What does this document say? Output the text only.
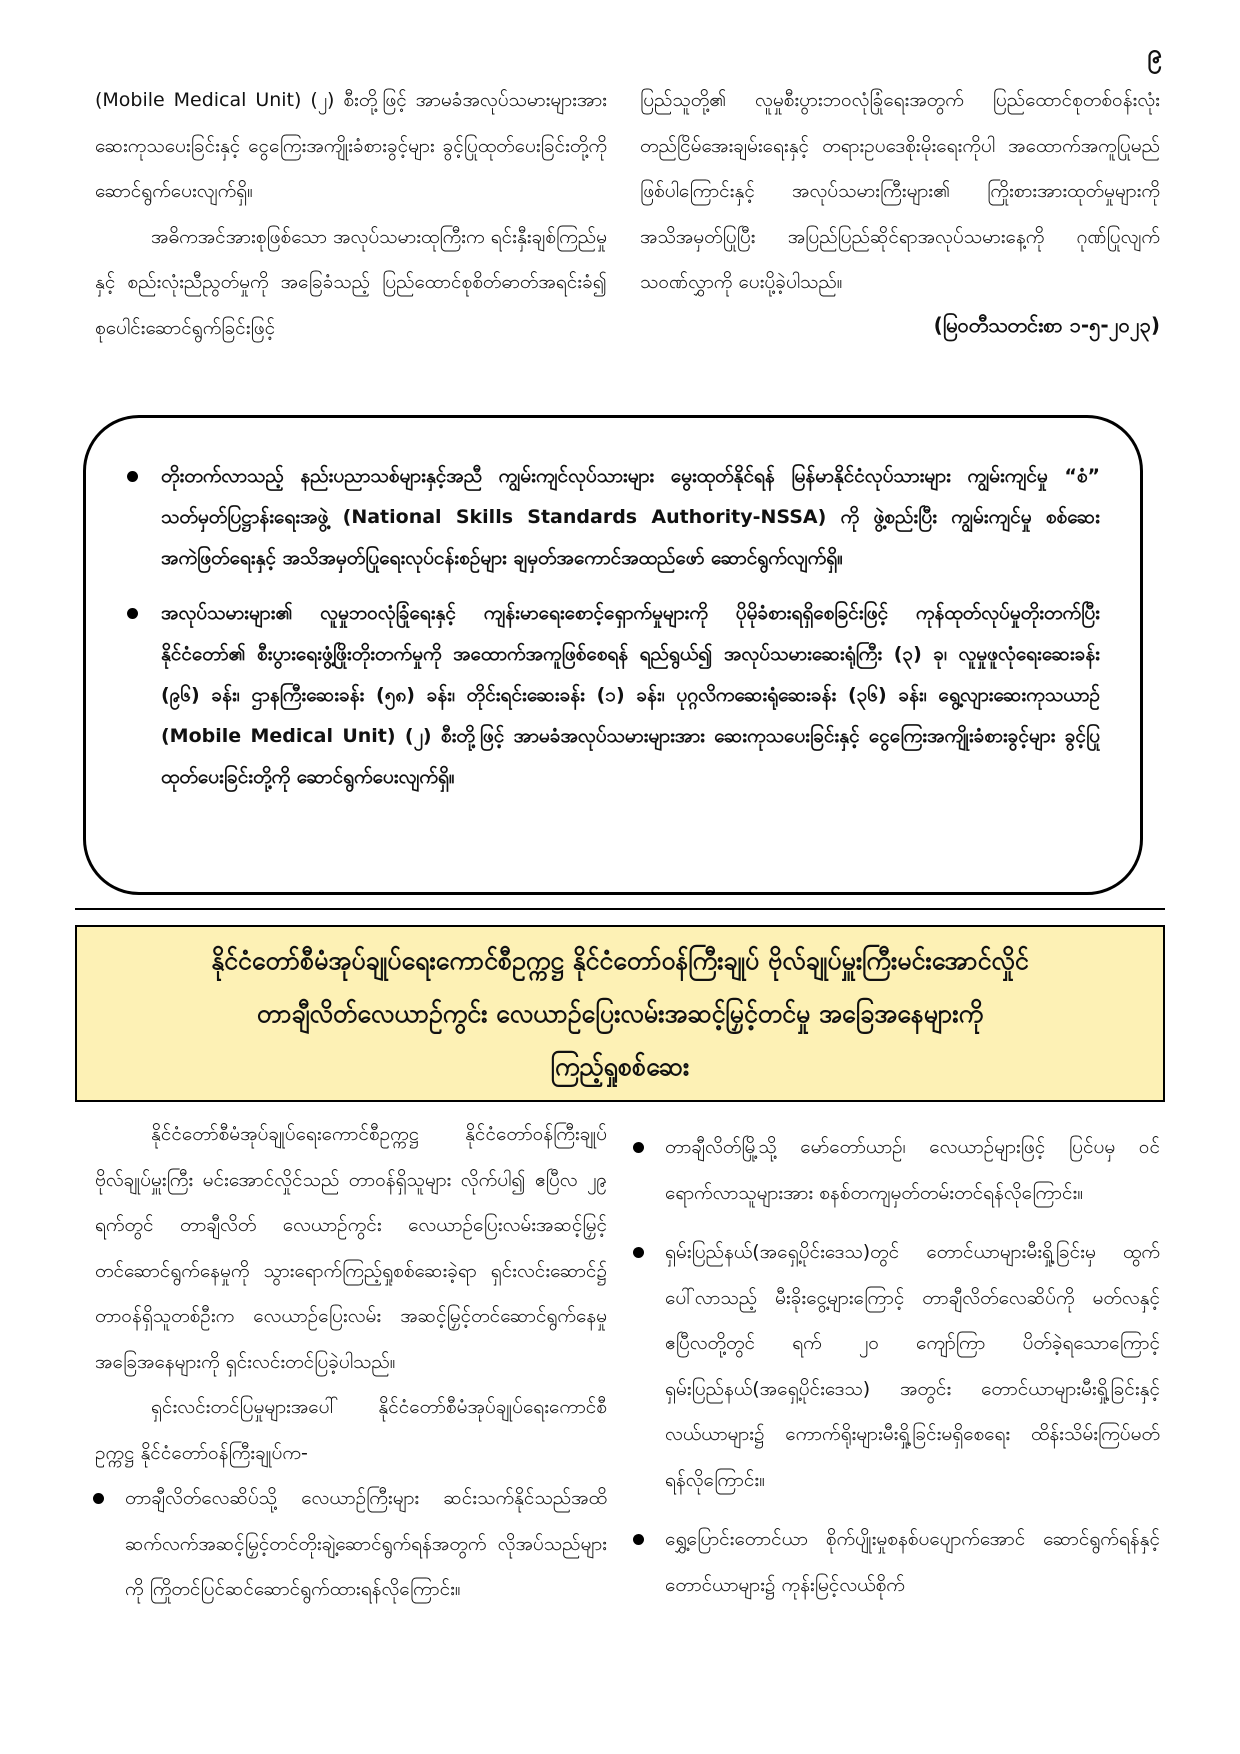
၉

(Mobile Medical Unit) (၂) စီးတို့ဖြင့် အာမခံအလုပ်သမားများအား ဆေးကုသပေးခြင်းနှင့် ငွေကြေးအကျိုးခံစားခွင့်များ ခွင့်ပြုထုတ်ပေးခြင်းတို့ကို ဆောင်ရွက်ပေးလျက်ရှိ။

အဓိကအင်အားစုဖြစ်သော အလုပ်သမားထုကြီးက ရင်းနှီးချစ်ကြည်မှုနှင့် စည်းလုံးညီညွတ်မှုကို အခြေခံသည့် ပြည်ထောင်စုစိတ်ဓာတ်အရင်းခံ၍ စုပေါင်းဆောင်ရွက်ခြင်းဖြင့်

ပြည်သူတို့၏ လူမှုစီးပွားဘဝလုံခြုံရေးအတွက် ပြည်ထောင်စုတစ်ဝန်းလုံး တည်ငြိမ်အေးချမ်းရေးနှင့် တရားဥပဒေစိုးမိုးရေးကိုပါ အထောက်အကူပြုမည်ဖြစ်ပါကြောင်းနှင့် အလုပ်သမားကြီးများ၏ ကြိုးစားအားထုတ်မှုများကို အသိအမှတ်ပြုပြီး အပြည်ပြည်ဆိုင်ရာအလုပ်သမားနေ့ကို ဂုဏ်ပြုလျက် သဝဏ်လွှာကို ပေးပို့ခဲ့ပါသည်။

(မြဝတီသတင်းစာ ၁-၅-၂၀၂၃)

တိုးတက်လာသည့် နည်းပညာသစ်များနှင့်အညီ ကျွမ်းကျင်လုပ်သားများ မွေးထုတ်နိုင်ရန် မြန်မာနိုင်ငံလုပ်သားများ ကျွမ်းကျင်မှု “စံ” သတ်မှတ်ပြဋ္ဌာန်းရေးအဖွဲ့ (National Skills Standards Authority-NSSA) ကို ဖွဲ့စည်းပြီး ကျွမ်းကျင်မှု စစ်ဆေးအကဲဖြတ်ရေးနှင့် အသိအမှတ်ပြုရေးလုပ်ငန်းစဉ်များ ချမှတ်အကောင်အထည်ဖော် ဆောင်ရွက်လျက်ရှိ။
အလုပ်သမားများ၏ လူမှုဘဝလုံခြုံရေးနှင့် ကျန်းမာရေးစောင့်ရှောက်မှုများကို ပိုမိုခံစားရရှိစေခြင်းဖြင့် ကုန်ထုတ်လုပ်မှုတိုးတက်ပြီး နိုင်ငံတော်၏ စီးပွားရေးဖွံ့ဖြိုးတိုးတက်မှုကို အထောက်အကူဖြစ်စေရန် ရည်ရွယ်၍ အလုပ်သမားဆေးရုံကြီး (၃) ခု၊ လူမှုဖူလုံရေးဆေးခန်း (၉၆) ခန်း၊ ဌာနကြီးဆေးခန်း (၅၈) ခန်း၊ တိုင်းရင်းဆေးခန်း (၁) ခန်း၊ ပုဂ္ဂလိကဆေးရုံဆေးခန်း (၃၆) ခန်း၊ ရွေ့လျားဆေးကုသယာဉ် (Mobile Medical Unit) (၂) စီးတို့ဖြင့် အာမခံအလုပ်သမားများအား ဆေးကုသပေးခြင်းနှင့် ငွေကြေးအကျိုးခံစားခွင့်များ ခွင့်ပြုထုတ်ပေးခြင်းတို့ကို ဆောင်ရွက်ပေးလျက်ရှိ။

နိုင်ငံတော်စီမံအုပ်ချုပ်ရေးကောင်စီဥက္ကဋ္ဌ နိုင်ငံတော်ဝန်ကြီးချုပ် ဗိုလ်ချုပ်မှူးကြီးမင်းအောင်လှိုင်
တာချီလိတ်လေယာဉ်ကွင်း လေယာဉ်ပြေးလမ်းအဆင့်မြှင့်တင်မှု အခြေအနေများကို
ကြည့်ရှုစစ်ဆေး

နိုင်ငံတော်စီမံအုပ်ချုပ်ရေးကောင်စီဥက္ကဋ္ဌ နိုင်ငံတော်ဝန်ကြီးချုပ် ဗိုလ်ချုပ်မှူးကြီး မင်းအောင်လှိုင်သည် တာဝန်ရှိသူများ လိုက်ပါ၍ ဧပြီလ ၂၉ ရက်တွင် တာချီလိတ် လေယာဉ်ကွင်း လေယာဉ်ပြေးလမ်းအဆင့်မြှင့်တင်ဆောင်ရွက်နေမှုကို သွားရောက်ကြည့်ရှုစစ်ဆေးခဲ့ရာ ရှင်းလင်းဆောင်၌ တာဝန်ရှိသူတစ်ဦးက လေယာဉ်ပြေးလမ်း အဆင့်မြှင့်တင်ဆောင်ရွက်နေမှုအခြေအနေများကို ရှင်းလင်းတင်ပြခဲ့ပါသည်။

ရှင်းလင်းတင်ပြမှုများအပေါ် နိုင်ငံတော်စီမံအုပ်ချုပ်ရေးကောင်စီဥက္ကဋ္ဌ နိုင်ငံတော်ဝန်ကြီးချုပ်က-

တာချီလိတ်လေဆိပ်သို့ လေယာဉ်ကြီးများ ဆင်းသက်နိုင်သည်အထိ ဆက်လက်အဆင့်မြှင့်တင်တိုးချဲ့ဆောင်ရွက်ရန်အတွက် လိုအပ်သည်များကို ကြိုတင်ပြင်ဆင်ဆောင်ရွက်ထားရန်လိုကြောင်း။
တာချီလိတ်မြို့သို့ မော်တော်ယာဉ်၊ လေယာဉ်များဖြင့် ပြင်ပမှ ဝင်ရောက်လာသူများအား စနစ်တကျမှတ်တမ်းတင်ရန်လိုကြောင်း။
ရှမ်းပြည်နယ်(အရှေ့ပိုင်းဒေသ)တွင် တောင်ယာများမီးရှို့ခြင်းမှ ထွက်ပေါ်လာသည့် မီးခိုးငွေ့များကြောင့် တာချီလိတ်လေဆိပ်ကို မတ်လနှင့် ဧပြီလတို့တွင် ရက် ၂၀ ကျော်ကြာ ပိတ်ခဲ့ရသောကြောင့် ရှမ်းပြည်နယ်(အရှေ့ပိုင်းဒေသ) အတွင်း တောင်ယာများမီးရှို့ခြင်းနှင့် လယ်ယာများ၌ ကောက်ရိုးများမီးရှို့ခြင်းမရှိစေရေး ထိန်းသိမ်းကြပ်မတ်ရန်လိုကြောင်း။
ရွှေ့ပြောင်းတောင်ယာ စိုက်ပျိုးမှုစနစ်ပပျောက်အောင် ဆောင်ရွက်ရန်နှင့် တောင်ယာများ၌ ကုန်းမြင့်လယ်စိုက်
